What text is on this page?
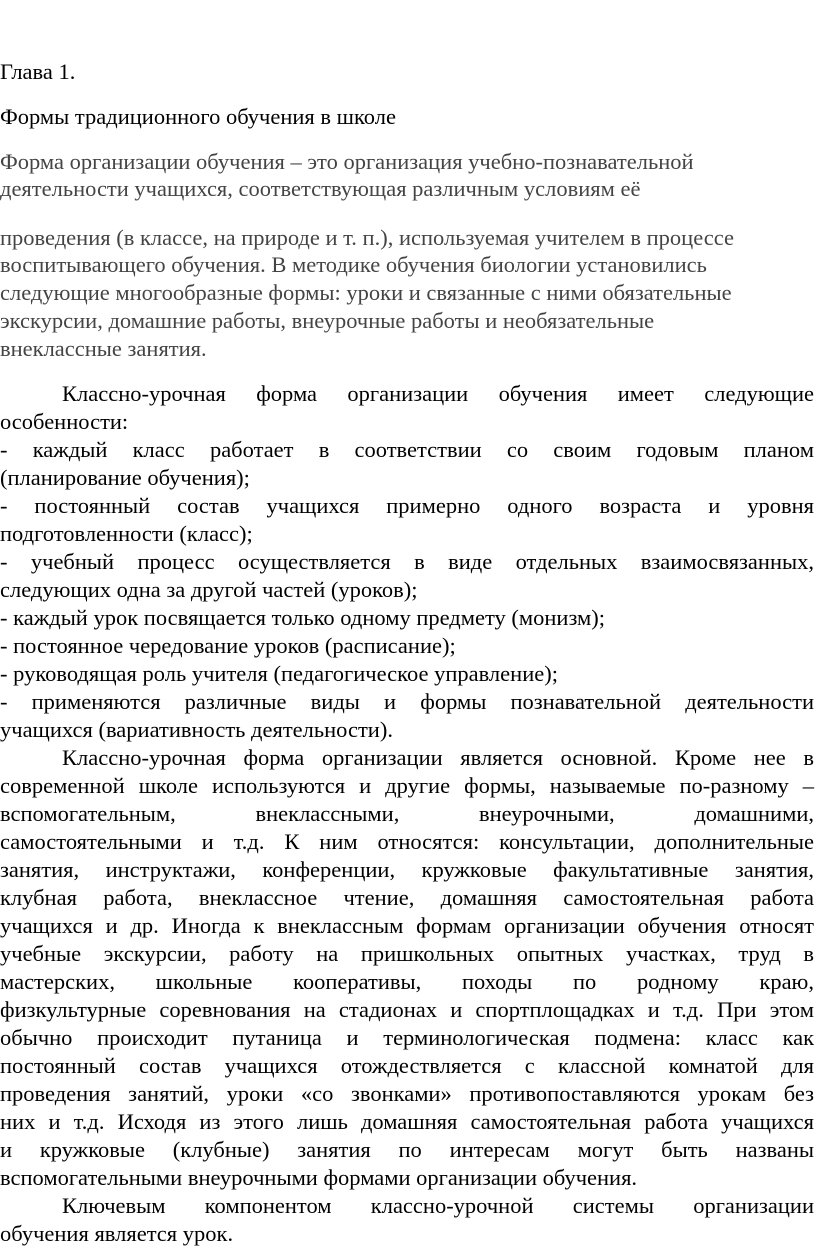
Глава 1.
Формы традиционного обучения в школе
Форма организации обучения – это организация учебно-познавательной
деятельности учащихся, соответствующая различным условиям её
проведения (в классе, на природе и т. п.), используемая учителем в процессе
воспитывающего обучения. В методике обучения биологии установились
следующие многообразные формы: уроки и связанные с ними обязательные
экскурсии, домашние работы, внеурочные работы и необязательные
внеклассные занятия.
Классно-урочная форма организации обучения имеет следующие
особенности:
- каждый класс работает в соответствии со своим годовым планом
(планирование обучения);
- постоянный состав учащихся примерно одного возраста и уровня
подготовленности (класс);
- учебный процесс осуществляется в виде отдельных взаимосвязанных,
следующих одна за другой частей (уроков);
- каждый урок посвящается только одному предмету (монизм);
- постоянное чередование уроков (расписание);
- руководящая роль учителя (педагогическое управление);
- применяются различные виды и формы познавательной деятельности
учащихся (вариативность деятельности).
Классно-урочная форма организации является основной. Кроме нее в
современной школе используются и другие формы, называемые по-разному –
вспомогательным, внеклассными, внеурочными, домашними,
самостоятельными и т.д. К ним относятся: консультации, дополнительные
занятия, инструктажи, конференции, кружковые факультативные занятия,
клубная работа, внеклассное чтение, домашняя самостоятельная работа
учащихся и др. Иногда к внеклассным формам организации обучения относят
учебные экскурсии, работу на пришкольных опытных участках, труд в
мастерских, школьные кооперативы, походы по родному краю,
физкультурные соревнования на стадионах и спортплощадках и т.д. При этом
обычно происходит путаница и терминологическая подмена: класс как
постоянный состав учащихся отождествляется с классной комнатой для
проведения занятий, уроки «со звонками» противопоставляются урокам без
них и т.д. Исходя из этого лишь домашняя самостоятельная работа учащихся
и кружковые (клубные) занятия по интересам могут быть названы
вспомогательными внеурочными формами организации обучения.
Ключевым компонентом классно-урочной системы организации
обучения является урок.
